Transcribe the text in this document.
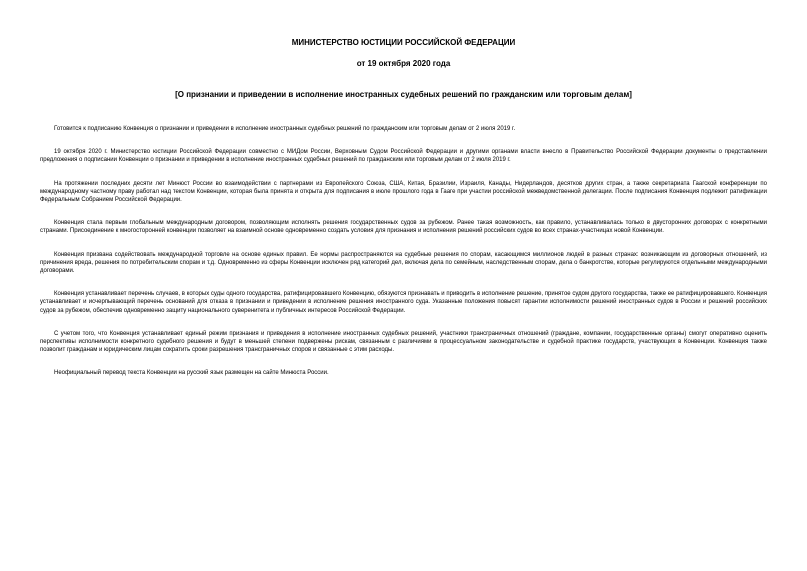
МИНИСТЕРСТВО ЮСТИЦИИ РОССИЙСКОЙ ФЕДЕРАЦИИ
от 19 октября 2020 года
[О признании и приведении в исполнение иностранных судебных решений по гражданским или торговым делам]

Готовится к подписанию Конвенция о признании и приведении в исполнение иностранных судебных решений по гражданским или торговым делам от 2 июля 2019 г.

19 октября 2020 г. Министерство юстиции Российской Федерации совместно с МИДом России, Верховным Судом Российской Федерации и другими органами власти внесло в Правительство Российской Федерации документы о представлении предложения о подписании Конвенции о признании и приведении в исполнение иностранных судебных решений по гражданским или торговым делам от 2 июля 2019 г.

На протяжении последних десяти лет Минюст России во взаимодействии с партнерами из Европейского Союза, США, Китая, Бразилии, Израиля, Канады, Нидерландов, десятков других стран, а также секретариата Гаагской конференции по международному частному праву работал над текстом Конвенции, которая была принята и открыта для подписания в июле прошлого года в Гааге при участии российской межведомственной делегации. После подписания Конвенция подлежит ратификации Федеральным Собранием Российской Федерации.

Конвенция стала первым глобальным международным договором, позволяющим исполнять решения государственных судов за рубежом. Ранее такая возможность, как правило, устанавливалась только в двусторонних договорах с конкретными странами. Присоединение к многосторонней конвенции позволяет на взаимной основе одновременно создать условия для признания и исполнения решений российских судов во всех странах-участницах новой Конвенции.

Конвенция призвана содействовать международной торговле на основе единых правил. Ее нормы распространяются на судебные решения по спорам, касающимся миллионов людей в разных странах: возникающим из договорных отношений, из причинения вреда, решения по потребительским спорам и т.д. Одновременно из сферы Конвенции исключен ряд категорий дел, включая дела по семейным, наследственным спорам, дела о банкротстве, которые регулируются отдельными международными договорами.

Конвенция устанавливает перечень случаев, в которых суды одного государства, ратифицировавшего Конвенцию, обязуются признавать и приводить в исполнение решение, принятое судом другого государства, также ее ратифицировавшего. Конвенция устанавливает и исчерпывающий перечень оснований для отказа в признании и приведении в исполнение решения иностранного суда. Указанные положения повысят гарантии исполнимости решений иностранных судов в России и решений российских судов за рубежом, обеспечив одновременно защиту национального суверенитета и публичных интересов Российской Федерации.

С учетом того, что Конвенция устанавливает единый режим признания и приведения в исполнение иностранных судебных решений, участники трансграничных отношений (граждане, компании, государственные органы) смогут оперативно оценить перспективы исполнимости конкретного судебного решения и будут в меньшей степени подвержены рискам, связанным с различиями в процессуальном законодательстве и судебной практике государств, участвующих в Конвенции. Конвенция также позволит гражданам и юридическим лицам сократить сроки разрешения трансграничных споров и связанные с этим расходы.

Неофициальный перевод текста Конвенции на русский язык размещен на сайте Минюста России.
